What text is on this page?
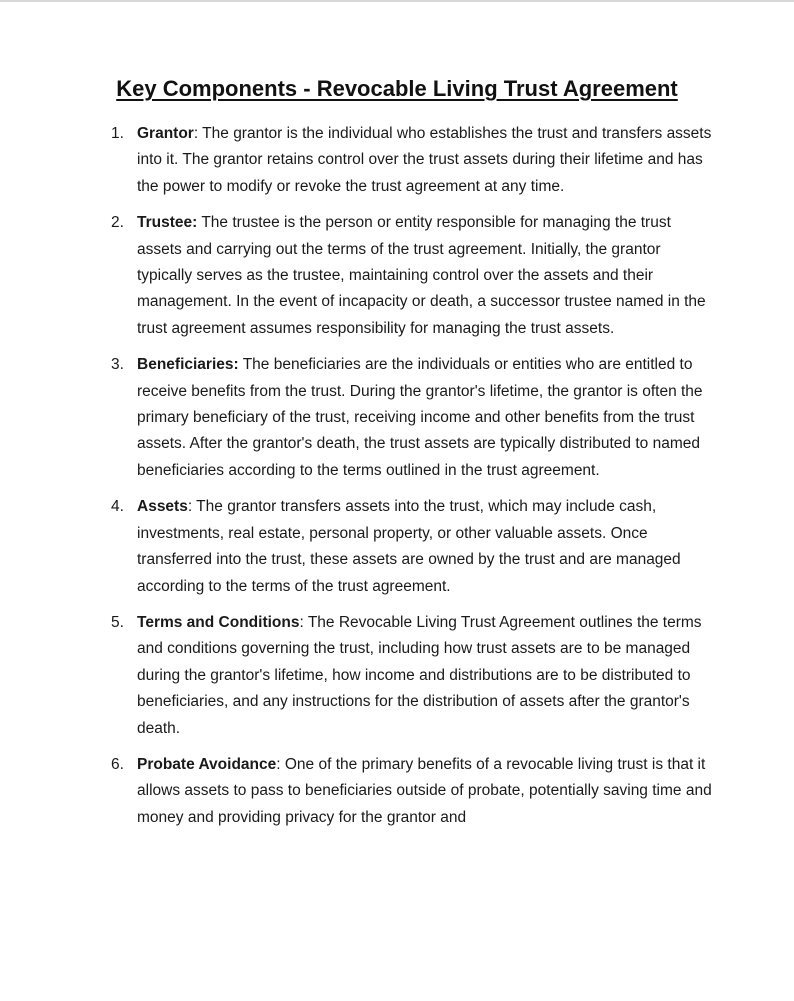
Key Components - Revocable Living Trust Agreement
1. Grantor: The grantor is the individual who establishes the trust and transfers assets into it. The grantor retains control over the trust assets during their lifetime and has the power to modify or revoke the trust agreement at any time.
2. Trustee: The trustee is the person or entity responsible for managing the trust assets and carrying out the terms of the trust agreement. Initially, the grantor typically serves as the trustee, maintaining control over the assets and their management. In the event of incapacity or death, a successor trustee named in the trust agreement assumes responsibility for managing the trust assets.
3. Beneficiaries: The beneficiaries are the individuals or entities who are entitled to receive benefits from the trust. During the grantor's lifetime, the grantor is often the primary beneficiary of the trust, receiving income and other benefits from the trust assets. After the grantor's death, the trust assets are typically distributed to named beneficiaries according to the terms outlined in the trust agreement.
4. Assets: The grantor transfers assets into the trust, which may include cash, investments, real estate, personal property, or other valuable assets. Once transferred into the trust, these assets are owned by the trust and are managed according to the terms of the trust agreement.
5. Terms and Conditions: The Revocable Living Trust Agreement outlines the terms and conditions governing the trust, including how trust assets are to be managed during the grantor's lifetime, how income and distributions are to be distributed to beneficiaries, and any instructions for the distribution of assets after the grantor's death.
6. Probate Avoidance: One of the primary benefits of a revocable living trust is that it allows assets to pass to beneficiaries outside of probate, potentially saving time and money and providing privacy for the grantor and
